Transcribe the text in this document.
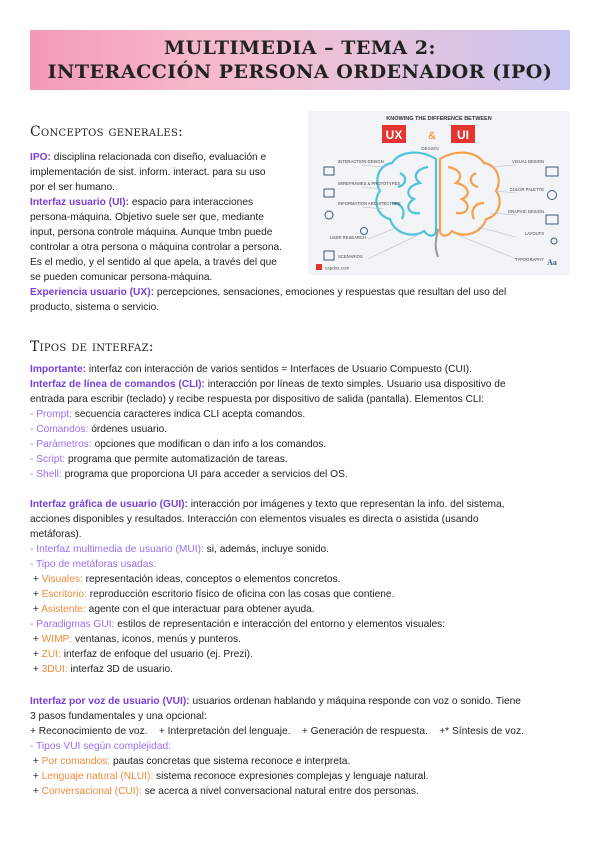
MULTIMEDIA – TEMA 2:
INTERACCIÓN PERSONA ORDENADOR (IPO)
Conceptos generales:
IPO: disciplina relacionada con diseño, evaluación e
implementación de sist. inform. interact. para su uso
por el ser humano.
Interfaz usuario (UI): espacio para interacciones
persona-máquina. Objetivo suele ser que, mediante
input, persona controle máquina. Aunque tmbn puede
controlar a otra persona o máquina controlar a persona.
Es el medio, y el sentido al que apela, a través del que
se pueden comunicar persona-máquina.
Experiencia usuario (UX): percepciones, sensaciones, emociones y respuestas que resultan del uso del
producto, sistema o servicio.
KNOWING THE DIFFERENCE BETWEEN
UX & UI
DESIGN
INTERACTION DESIGN
WIREFRAMES & PROTOTYPES
INFORMATION ARCHITECTURE
USER RESEARCH
SCENARIOS
VISUAL DESIGN
COLOR PALETTE
GRAPHIC DESIGN
LAYOUTS
TYPOGRAPHY Aa
capdox.com
Tipos de interfaz:
Importante: interfaz con interacción de varios sentidos = Interfaces de Usuario Compuesto (CUI).
Interfaz de línea de comandos (CLI): interacción por líneas de texto simples. Usuario usa dispositivo de
entrada para escribir (teclado) y recibe respuesta por dispositivo de salida (pantalla). Elementos CLI:
- Prompt: secuencia caracteres indica CLI acepta comandos.
- Comandos: órdenes usuario.
- Parámetros: opciones que modifican o dan info a los comandos.
- Script: programa que permite automatización de tareas.
- Shell: programa que proporciona UI para acceder a servicios del OS.
Interfaz gráfica de usuario (GUI): interacción por imágenes y texto que representan la info. del sistema,
acciones disponibles y resultados. Interacción con elementos visuales es directa o asistida (usando
metáforas).
- Interfaz multimedia de usuario (MUI): si, además, incluye sonido.
- Tipo de metáforas usadas:
+ Visuales: representación ideas, conceptos o elementos concretos.
+ Escritorio: reproducción escritorio físico de oficina con las cosas que contiene.
+ Asistente: agente con el que interactuar para obtener ayuda.
- Paradigmas GUI: estilos de representación e interacción del entorno y elementos visuales:
+ WIMP: ventanas, iconos, menús y punteros.
+ ZUI: interfaz de enfoque del usuario (ej. Prezi).
+ 3DUI: interfaz 3D de usuario.
Interfaz por voz de usuario (VUI): usuarios ordenan hablando y máquina responde con voz o sonido. Tiene
3 pasos fundamentales y una opcional:
+ Reconocimiento de voz. + Interpretación del lenguaje. + Generación de respuesta. +* Síntesis de voz.
- Tipos VUI según complejidad:
+ Por comandos: pautas concretas que sistema reconoce e interpreta.
+ Lenguaje natural (NLUI): sistema reconoce expresiones complejas y lenguaje natural.
+ Conversacional (CUI): se acerca a nivel conversacional natural entre dos personas.
